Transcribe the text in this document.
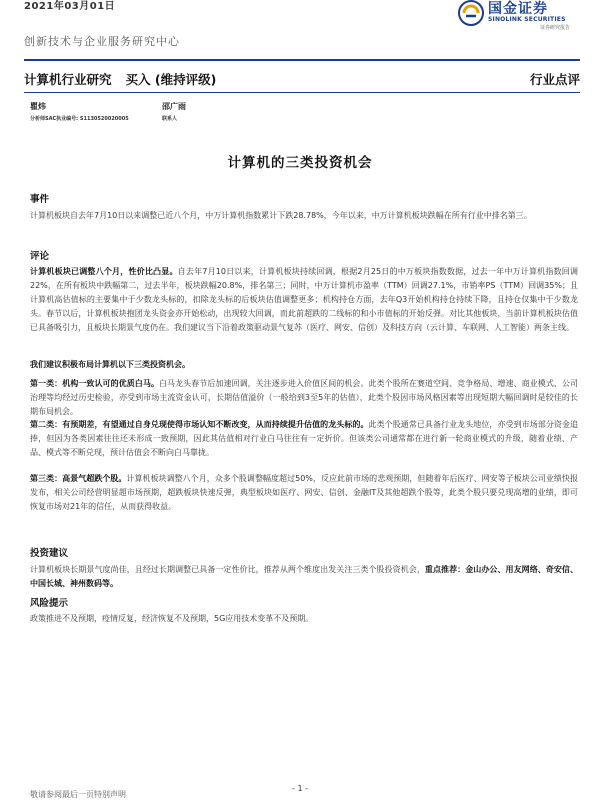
2021年03月01日	国金证券
SINOLINK SECURITIES
证券研究报告
创新技术与企业服务研究中心
计算机行业研究 买入 (维持评级)	行业点评
瞿炜
分析师SAC执业编号: S1130520020005
邵广雨
联系人
计算机的三类投资机会
事件
计算机板块自去年7月10日以来调整已近八个月，中万计算机指数累计下跌28.78%，今年以来，中万计算机板块跌幅在所有行业中排名第三。
评论
计算机板块已调整八个月，性价比凸显。自去年7月10日以来，计算机板块持续回调，根据2月25日的中万板块指数数据，过去一年中万计算机指数回调22%，在所有板块中跌幅第二，过去半年，板块跌幅20.8%，排名第三；同时，中万计算机市盈率（TTM）回调27.1%，市销率PS（TTM）回调35%；且计算机高估值标的主要集中于少数龙头标的，扣除龙头标的后板块估值调整更多；机构持仓方面，去年Q3开始机构持仓持续下降，且持仓仅集中于少数龙头。春节以后，计算机板块抱团龙头资金亦开始松动，出现较大回调，而此前超跌的二线标的和小市值标的开始反弹。对比其他板块，当前计算机板块估值已具备吸引力，且板块长期景气度仍在。我们建议当下沿着政策驱动景气复苏（医疗、网安、信创）及科技方向（云计算、车联网、人工智能）两条主线。
我们建议积极布局计算机以下三类投资机会。
第一类：机构一致认可的优质白马。白马龙头春节后加速回调，关注逐步进入价值区间的机会。此类个股所在赛道空间、竞争格局、增速、商业模式、公司治理等均经过历史检验，亦受到市场主流资金认可，长期估值溢价（一般给到3至5年的估值），此类个股因市场风格因素等出现短期大幅回调时是较佳的长期布局机会。
第二类：有预期差，有望通过自身兑现使得市场认知不断改变，从而持续提升估值的龙头标的。此类个股通常已具备行业龙头地位，亦受到市场部分资金追捧，但因为各类因素往往还未形成一致预期，因此其估值相对行业白马往往有一定折价。但该类公司通常都在进行新一轮商业模式的升级，随着业绩、产品、模式等不断兑现，预计估值会不断向白马靠拢。
第三类：高景气超跌个股。计算机板块调整八个月，众多个股调整幅度超过50%，反应此前市场的悲观预期，但随着年后医疗、网安等子板块公司业绩快报发布，相关公司经营明显超市场预期，超跌板块快速反弹，典型板块如医疗、网安、信创、金融IT及其他超跌个股等，此类个股只要兑现高增的业绩，即可恢复市场对21年的信任，从而获得收益。
投资建议
计算机板块长期景气度尚佳，且经过长期调整已具备一定性价比，推荐从两个维度出发关注三类个股投资机会，重点推荐：金山办公、用友网络、奇安信、中国长城、神州数码等。
风险提示
政策推进不及预期，疫情反复，经济恢复不及预期，5G应用技术变革不及预期。
- 1 -
敬请参阅最后一页特别声明
